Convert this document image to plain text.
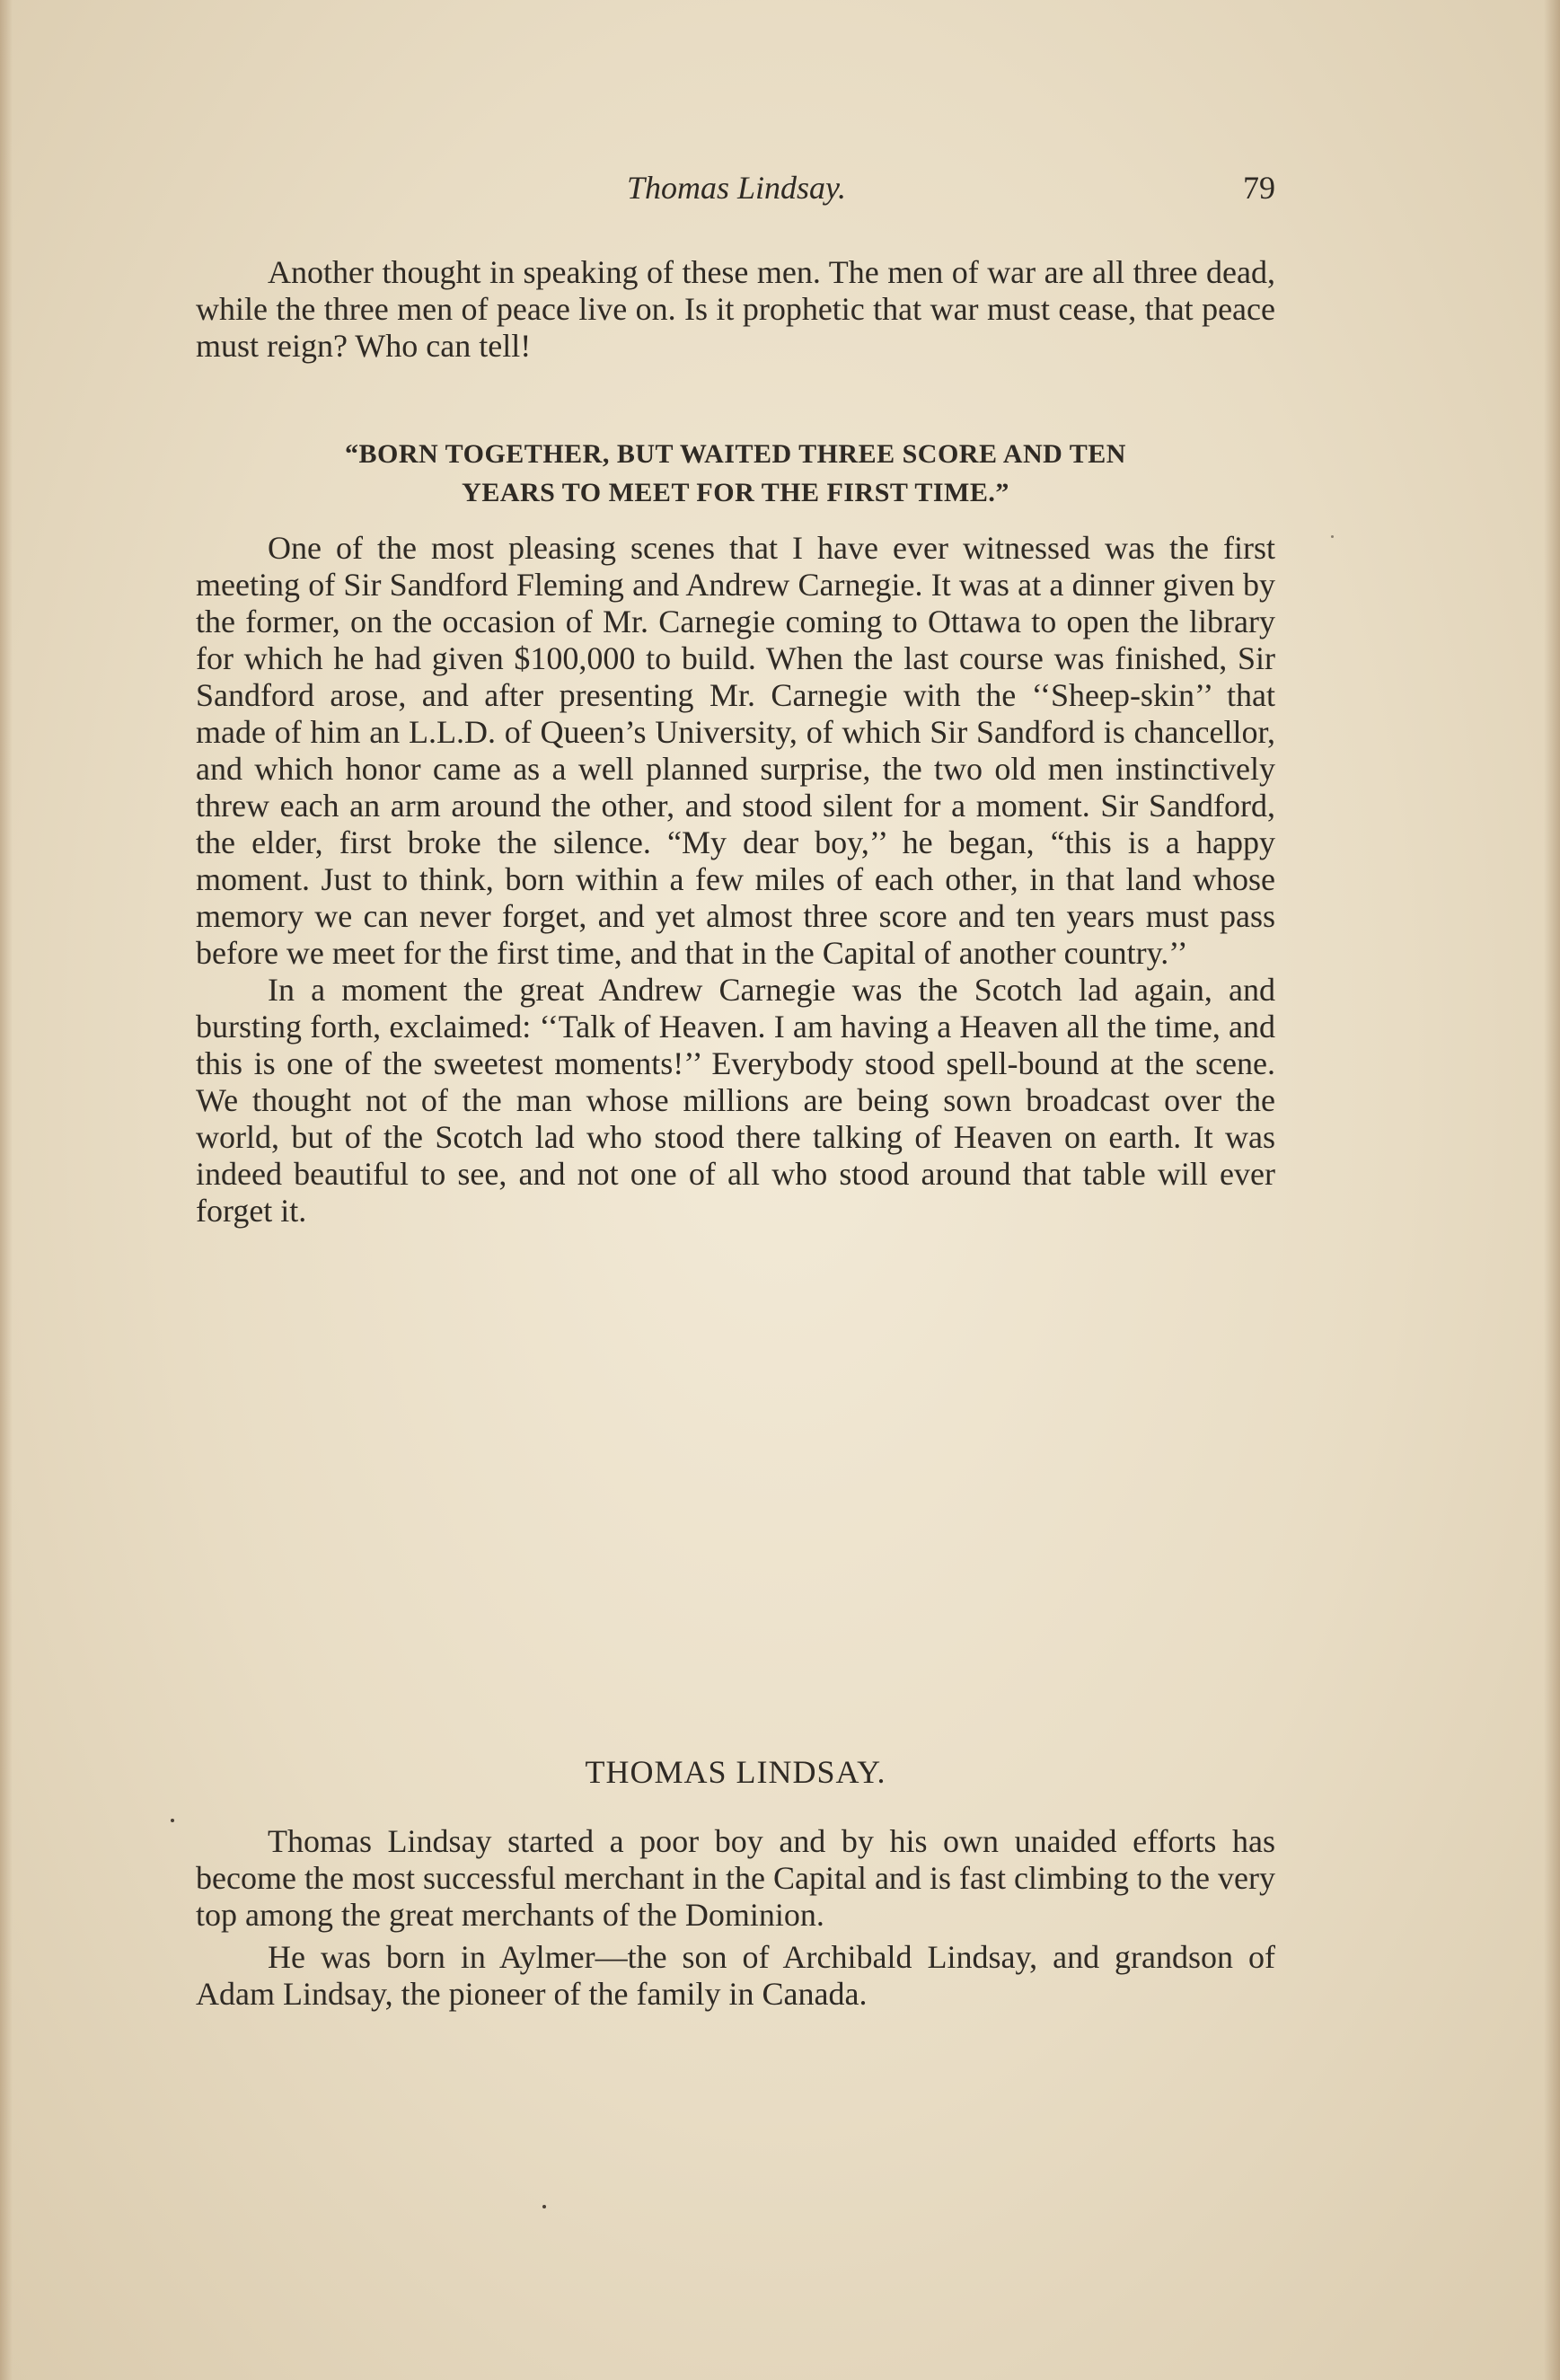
Thomas Lindsay.	79

Another thought in speaking of these men. The men of war are all three dead, while the three men of peace live on. Is it prophetic that war must cease, that peace must reign? Who can tell!

“BORN TOGETHER, BUT WAITED THREE SCORE AND TEN
YEARS TO MEET FOR THE FIRST TIME.”

One of the most pleasing scenes that I have ever witnessed was the first meeting of Sir Sandford Fleming and Andrew Carnegie. It was at a dinner given by the former, on the occasion of Mr. Carnegie coming to Ottawa to open the library for which he had given $100,000 to build. When the last course was finished, Sir Sandford arose, and after presenting Mr. Carnegie with the ‘‘Sheep-skin’’ that made of him an L.L.D. of Queen’s University, of which Sir Sandford is chancellor, and which honor came as a well planned surprise, the two old men instinctively threw each an arm around the other, and stood silent for a moment. Sir Sandford, the elder, first broke the silence. “My dear boy,’’ he began, “this is a happy moment. Just to think, born within a few miles of each other, in that land whose memory we can never forget, and yet almost three score and ten years must pass before we meet for the first time, and that in the Capital of another country.’’

In a moment the great Andrew Carnegie was the Scotch lad again, and bursting forth, exclaimed: ‘‘Talk of Heaven. I am having a Heaven all the time, and this is one of the sweetest moments!’’ Everybody stood spell-bound at the scene. We thought not of the man whose millions are being sown broadcast over the world, but of the Scotch lad who stood there talking of Heaven on earth. It was indeed beautiful to see, and not one of all who stood around that table will ever forget it.

THOMAS LINDSAY.

Thomas Lindsay started a poor boy and by his own unaided efforts has become the most successful merchant in the Capital and is fast climbing to the very top among the great merchants of the Dominion.

He was born in Aylmer—the son of Archibald Lindsay, and grandson of Adam Lindsay, the pioneer of the family in Canada.
